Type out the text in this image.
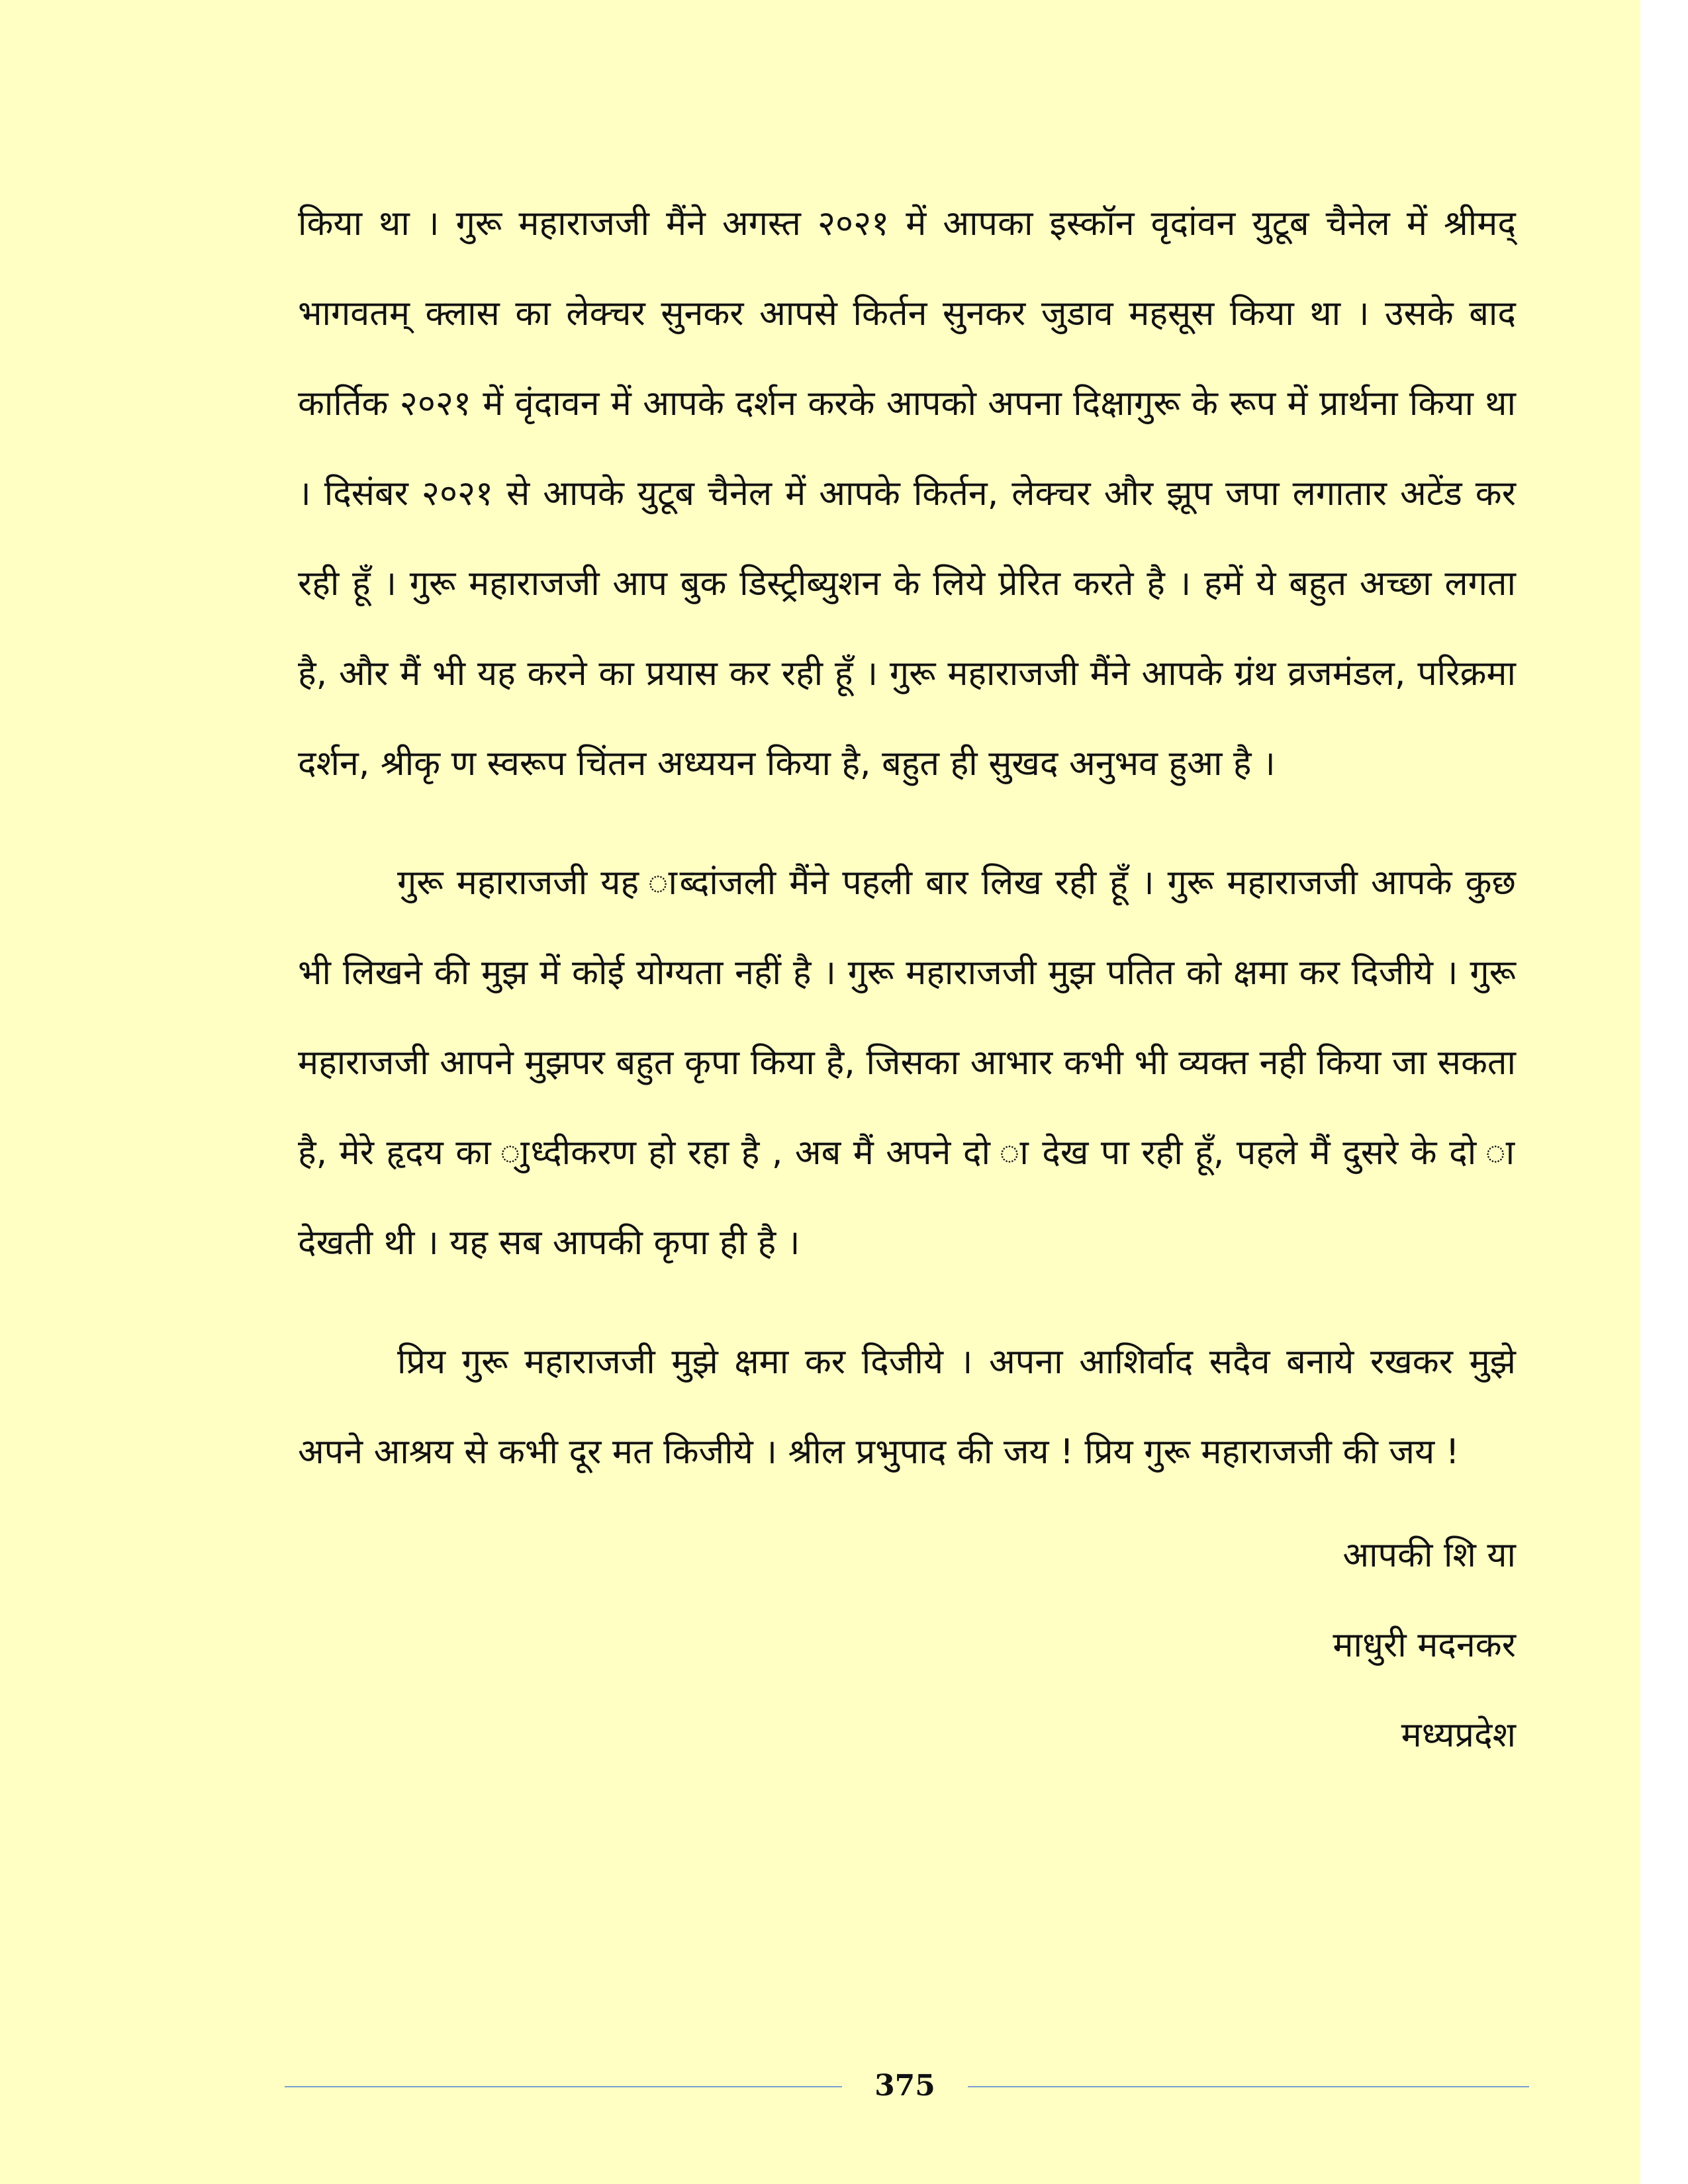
किया था । गुरू महाराजजी मैंने अगस्त २०२१ में आपका इस्कॉन वृदांवन युटूब चैनेल में श्रीमद् भागवतम् क्लास का लेक्चर सुनकर आपसे किर्तन सुनकर जुडाव महसूस किया था । उसके बाद कार्तिक २०२१ में वृंदावन में आपके दर्शन करके आपको अपना दिक्षागुरू के रूप में प्रार्थना किया था । दिसंबर २०२१ से आपके युटूब चैनेल में आपके किर्तन, लेक्चर और झूप जपा लगातार अटेंड कर रही हूँ । गुरू महाराजजी आप बुक डिस्ट्रीब्युशन के लिये प्रेरित करते है । हमें ये बहुत अच्छा लगता है, और मैं भी यह करने का प्रयास कर रही हूँ । गुरू महाराजजी मैंने आपके ग्रंथ व्रजमंडल, परिक्रमा दर्शन, श्रीकृ ण स्वरूप चिंतन अध्ययन किया है, बहुत ही सुखद अनुभव हुआ है ।

गुरू महाराजजी यह ाब्दांजली मैंने पहली बार लिख रही हूँ । गुरू महाराजजी आपके कुछ भी लिखने की मुझ में कोई योग्यता नहीं है । गुरू महाराजजी मुझ पतित को क्षमा कर दिजीये । गुरू महाराजजी आपने मुझपर बहुत कृपा किया है, जिसका आभार कभी भी व्यक्त नही किया जा सकता है, मेरे हृदय का ाुध्दीकरण हो रहा है , अब मैं अपने दो ा देख पा रही हूँ, पहले मैं दुसरे के दो ा देखती थी । यह सब आपकी कृपा ही है ।

प्रिय गुरू महाराजजी मुझे क्षमा कर दिजीये । अपना आशिर्वाद सदैव बनाये रखकर मुझे अपने आश्रय से कभी दूर मत किजीये । श्रील प्रभुपाद की जय ! प्रिय गुरू महाराजजी की जय !

आपकी शि या
माधुरी मदनकर
मध्यप्रदेश
375
